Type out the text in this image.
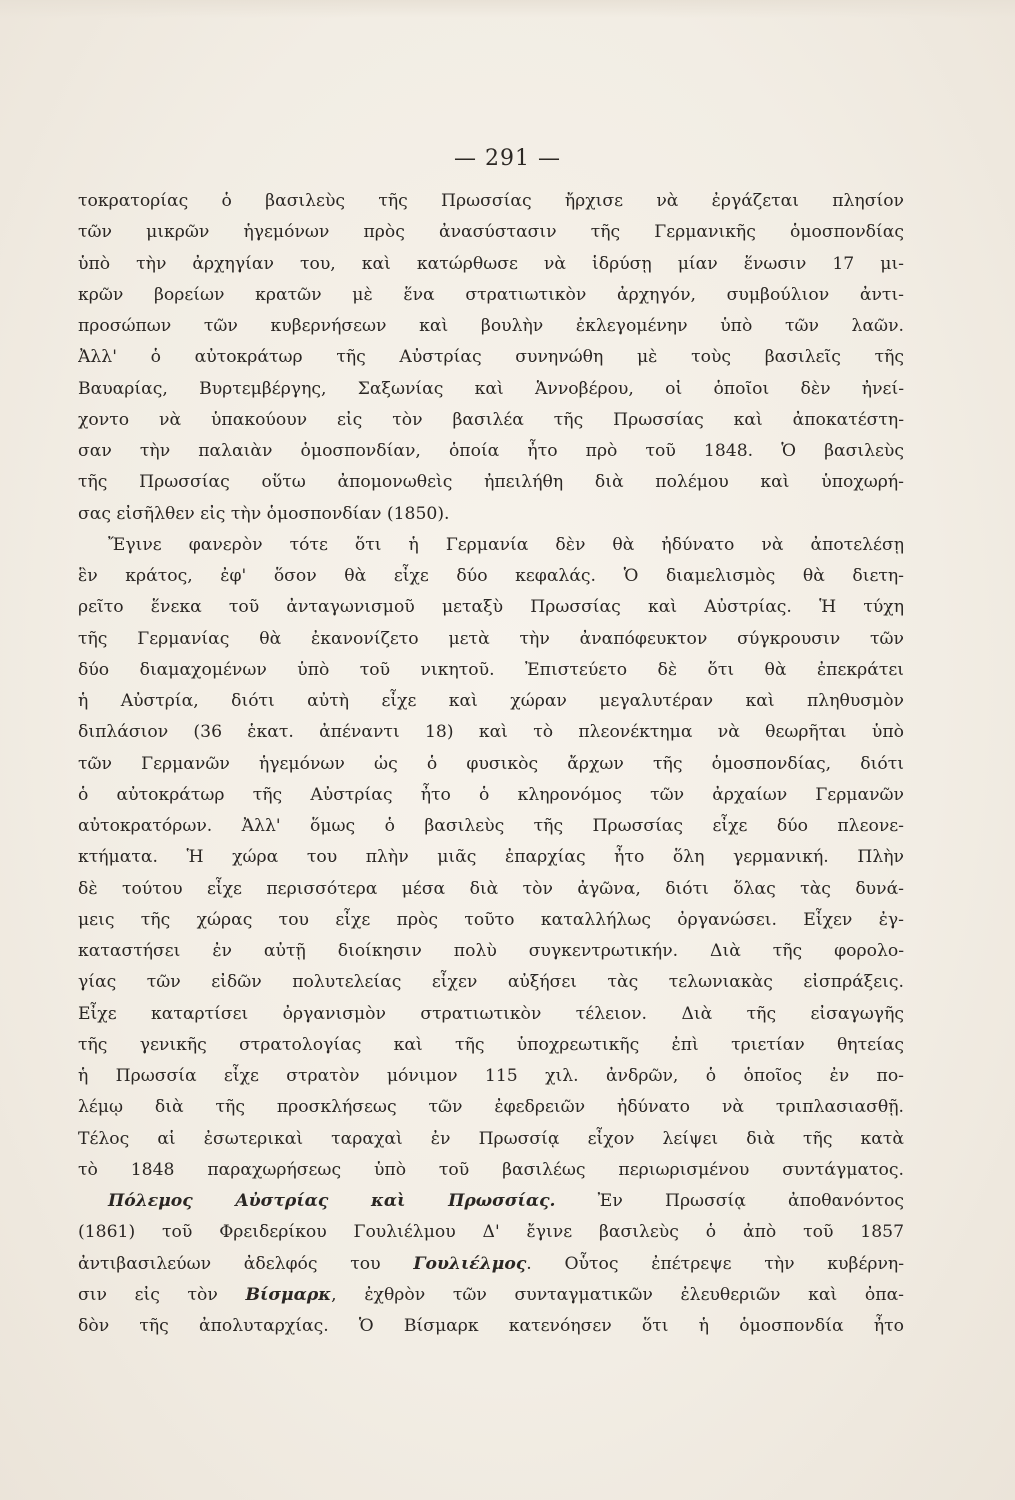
— 291 —
τοκρατορίας ὁ βασιλεὺς τῆς Πρωσσίας ἤρχισε νὰ ἐργάζεται πλησίον
τῶν μικρῶν ἡγεμόνων πρὸς ἀνασύστασιν τῆς Γερμανικῆς ὁμοσπονδίας
ὑπὸ τὴν ἀρχηγίαν του, καὶ κατώρθωσε νὰ ἱδρύσῃ μίαν ἕνωσιν 17 μι-
κρῶν βορείων κρατῶν μὲ ἕνα στρατιωτικὸν ἀρχηγόν, συμβούλιον ἀντι-
προσώπων τῶν κυβερνήσεων καὶ βουλὴν ἐκλεγομένην ὑπὸ τῶν λαῶν.
Ἀλλ' ὁ αὐτοκράτωρ τῆς Αὐστρίας συνηνώθη μὲ τοὺς βασιλεῖς τῆς
Βαυαρίας, Βυρτεμβέργης, Σαξωνίας καὶ Ἁννοβέρου, οἱ ὁποῖοι δὲν ἠνεί-
χοντο νὰ ὑπακούουν εἰς τὸν βασιλέα τῆς Πρωσσίας καὶ ἀποκατέστη-
σαν τὴν παλαιὰν ὁμοσπονδίαν, ὁποία ἦτο πρὸ τοῦ 1848. Ὁ βασιλεὺς
τῆς Πρωσσίας οὕτω ἀπομονωθεὶς ἠπειλήθη διὰ πολέμου καὶ ὑποχωρή-
σας εἰσῆλθεν εἰς τὴν ὁμοσπονδίαν (1850).
Ἔγινε φανερὸν τότε ὅτι ἡ Γερμανία δὲν θὰ ἠδύνατο νὰ ἀποτελέσῃ
ἓν κράτος, ἐφ' ὅσον θὰ εἶχε δύο κεφαλάς. Ὁ διαμελισμὸς θὰ διετη-
ρεῖτο ἕνεκα τοῦ ἀνταγωνισμοῦ μεταξὺ Πρωσσίας καὶ Αὐστρίας. Ἡ τύχη
τῆς Γερμανίας θὰ ἐκανονίζετο μετὰ τὴν ἀναπόφευκτον σύγκρουσιν τῶν
δύο διαμαχομένων ὑπὸ τοῦ νικητοῦ. Ἐπιστεύετο δὲ ὅτι θὰ ἐπεκράτει
ἡ Αὐστρία, διότι αὐτὴ εἶχε καὶ χώραν μεγαλυτέραν καὶ πληθυσμὸν
διπλάσιον (36 ἑκατ. ἀπέναντι 18) καὶ τὸ πλεονέκτημα νὰ θεωρῆται ὑπὸ
τῶν Γερμανῶν ἡγεμόνων ὡς ὁ φυσικὸς ἄρχων τῆς ὁμοσπονδίας, διότι
ὁ αὐτοκράτωρ τῆς Αὐστρίας ἦτο ὁ κληρονόμος τῶν ἀρχαίων Γερμανῶν
αὐτοκρατόρων. Ἀλλ' ὅμως ὁ βασιλεὺς τῆς Πρωσσίας εἶχε δύο πλεονε-
κτήματα. Ἡ χώρα του πλὴν μιᾶς ἐπαρχίας ἦτο ὅλη γερμανική. Πλὴν
δὲ τούτου εἶχε περισσότερα μέσα διὰ τὸν ἀγῶνα, διότι ὅλας τὰς δυνά-
μεις τῆς χώρας του εἶχε πρὸς τοῦτο καταλλήλως ὀργανώσει. Εἶχεν ἐγ-
καταστήσει ἐν αὐτῇ διοίκησιν πολὺ συγκεντρωτικήν. Διὰ τῆς φορολο-
γίας τῶν εἰδῶν πολυτελείας εἶχεν αὐξήσει τὰς τελωνιακὰς εἰσπράξεις.
Εἶχε καταρτίσει ὀργανισμὸν στρατιωτικὸν τέλειον. Διὰ τῆς εἰσαγωγῆς
τῆς γενικῆς στρατολογίας καὶ τῆς ὑποχρεωτικῆς ἐπὶ τριετίαν θητείας
ἡ Πρωσσία εἶχε στρατὸν μόνιμον 115 χιλ. ἀνδρῶν, ὁ ὁποῖος ἐν πο-
λέμῳ διὰ τῆς προσκλήσεως τῶν ἐφεδρειῶν ἠδύνατο νὰ τριπλασιασθῇ.
Τέλος αἱ ἐσωτερικαὶ ταραχαὶ ἐν Πρωσσίᾳ εἶχον λείψει διὰ τῆς κατὰ
τὸ 1848 παραχωρήσεως ὑπὸ τοῦ βασιλέως περιωρισμένου συντάγματος.
Πόλεμος Αὐστρίας καὶ Πρωσσίας. Ἐν Πρωσσίᾳ ἀποθανόντος
(1861) τοῦ Φρειδερίκου Γουλιέλμου Δ' ἔγινε βασιλεὺς ὁ ἀπὸ τοῦ 1857
ἀντιβασιλεύων ἀδελφός του Γουλιέλμος. Οὗτος ἐπέτρεψε τὴν κυβέρνη-
σιν εἰς τὸν Βίσμαρκ, ἐχθρὸν τῶν συνταγματικῶν ἐλευθεριῶν καὶ ὀπα-
δὸν τῆς ἀπολυταρχίας. Ὁ Βίσμαρκ κατενόησεν ὅτι ἡ ὁμοσπονδία ἦτο
